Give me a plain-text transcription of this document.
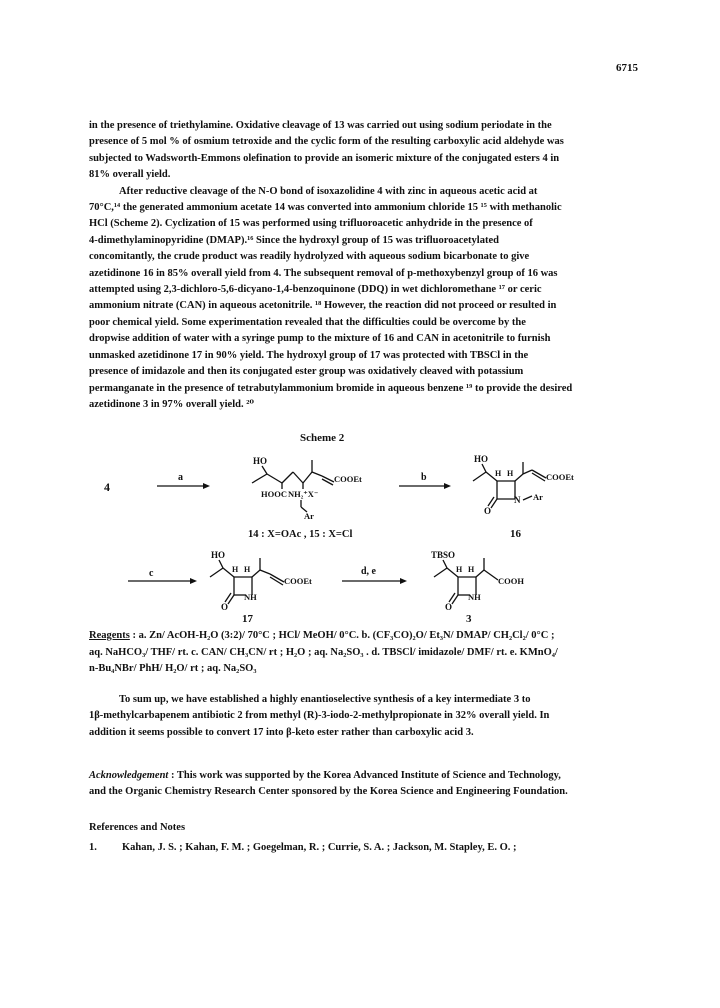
6715
in the presence of triethylamine. Oxidative cleavage of 13 was carried out using sodium periodate in the
presence of 5 mol % of osmium tetroxide and the cyclic form of the resulting carboxylic acid aldehyde was
subjected to Wadsworth-Emmons olefination to provide an isomeric mixture of the conjugated esters 4 in
81% overall yield.
After reductive cleavage of the N-O bond of isoxazolidine 4 with zinc in aqueous acetic acid at
70°C,¹⁴ the generated ammonium acetate 14 was converted into ammonium chloride 15 ¹⁵ with methanolic
HCl (Scheme 2). Cyclization of 15 was performed using trifluoroacetic anhydride in the presence of
4-dimethylaminopyridine (DMAP).¹⁶ Since the hydroxyl group of 15 was trifluoroacetylated
concomitantly, the crude product was readily hydrolyzed with aqueous sodium bicarbonate to give
azetidinone 16 in 85% overall yield from 4. The subsequent removal of p-methoxybenzyl group of 16 was
attempted using 2,3-dichloro-5,6-dicyano-1,4-benzoquinone (DDQ) in wet dichloromethane ¹⁷ or ceric
ammonium nitrate (CAN) in aqueous acetonitrile. ¹⁸ However, the reaction did not proceed or resulted in
poor chemical yield. Some experimentation revealed that the difficulties could be overcome by the
dropwise addition of water with a syringe pump to the mixture of 16 and CAN in acetonitrile to furnish
unmasked azetidinone 17 in 90% yield. The hydroxyl group of 17 was protected with TBSCl in the
presence of imidazole and then its conjugated ester group was oxidatively cleaved with potassium
permanganate in the presence of tetrabutylammonium bromide in aqueous benzene ¹⁹ to provide the desired
azetidinone 3 in 97% overall yield. ²⁰
Scheme 2
4
a	b
c	d, e
HO
COOEt
HOOC NH₂⁺X⁻
Ar
14 : X=OAc , 15 : X=Cl
HO
H H	COOEt
N Ar
O
16
HO
H H
COOEt
NH
O
17
TBSO
H H
COOH
NH
O
3
Reagents : a. Zn/ AcOH-H₂O (3:2)/ 70°C ; HCl/ MeOH/ 0°C. b. (CF₃CO)₂O/ Et₃N/ DMAP/ CH₂Cl₂/ 0°C ;
aq. NaHCO₃/ THF/ rt. c. CAN/ CH₃CN/ rt ; H₂O ; aq. Na₂SO₃ . d. TBSCl/ imidazole/ DMF/ rt. e. KMnO₄/
n-Bu₄NBr/ PhH/ H₂O/ rt ; aq. Na₂SO₃
To sum up, we have established a highly enantioselective synthesis of a key intermediate 3 to
1β-methylcarbapenem antibiotic 2 from methyl (R)-3-iodo-2-methylpropionate in 32% overall yield. In
addition it seems possible to convert 17 into β-keto ester rather than carboxylic acid 3.
Acknowledgement : This work was supported by the Korea Advanced Institute of Science and Technology,
and the Organic Chemistry Research Center sponsored by the Korea Science and Engineering Foundation.
References and Notes
1. Kahan, J. S. ; Kahan, F. M. ; Goegelman, R. ; Currie, S. A. ; Jackson, M. Stapley, E. O. ;
